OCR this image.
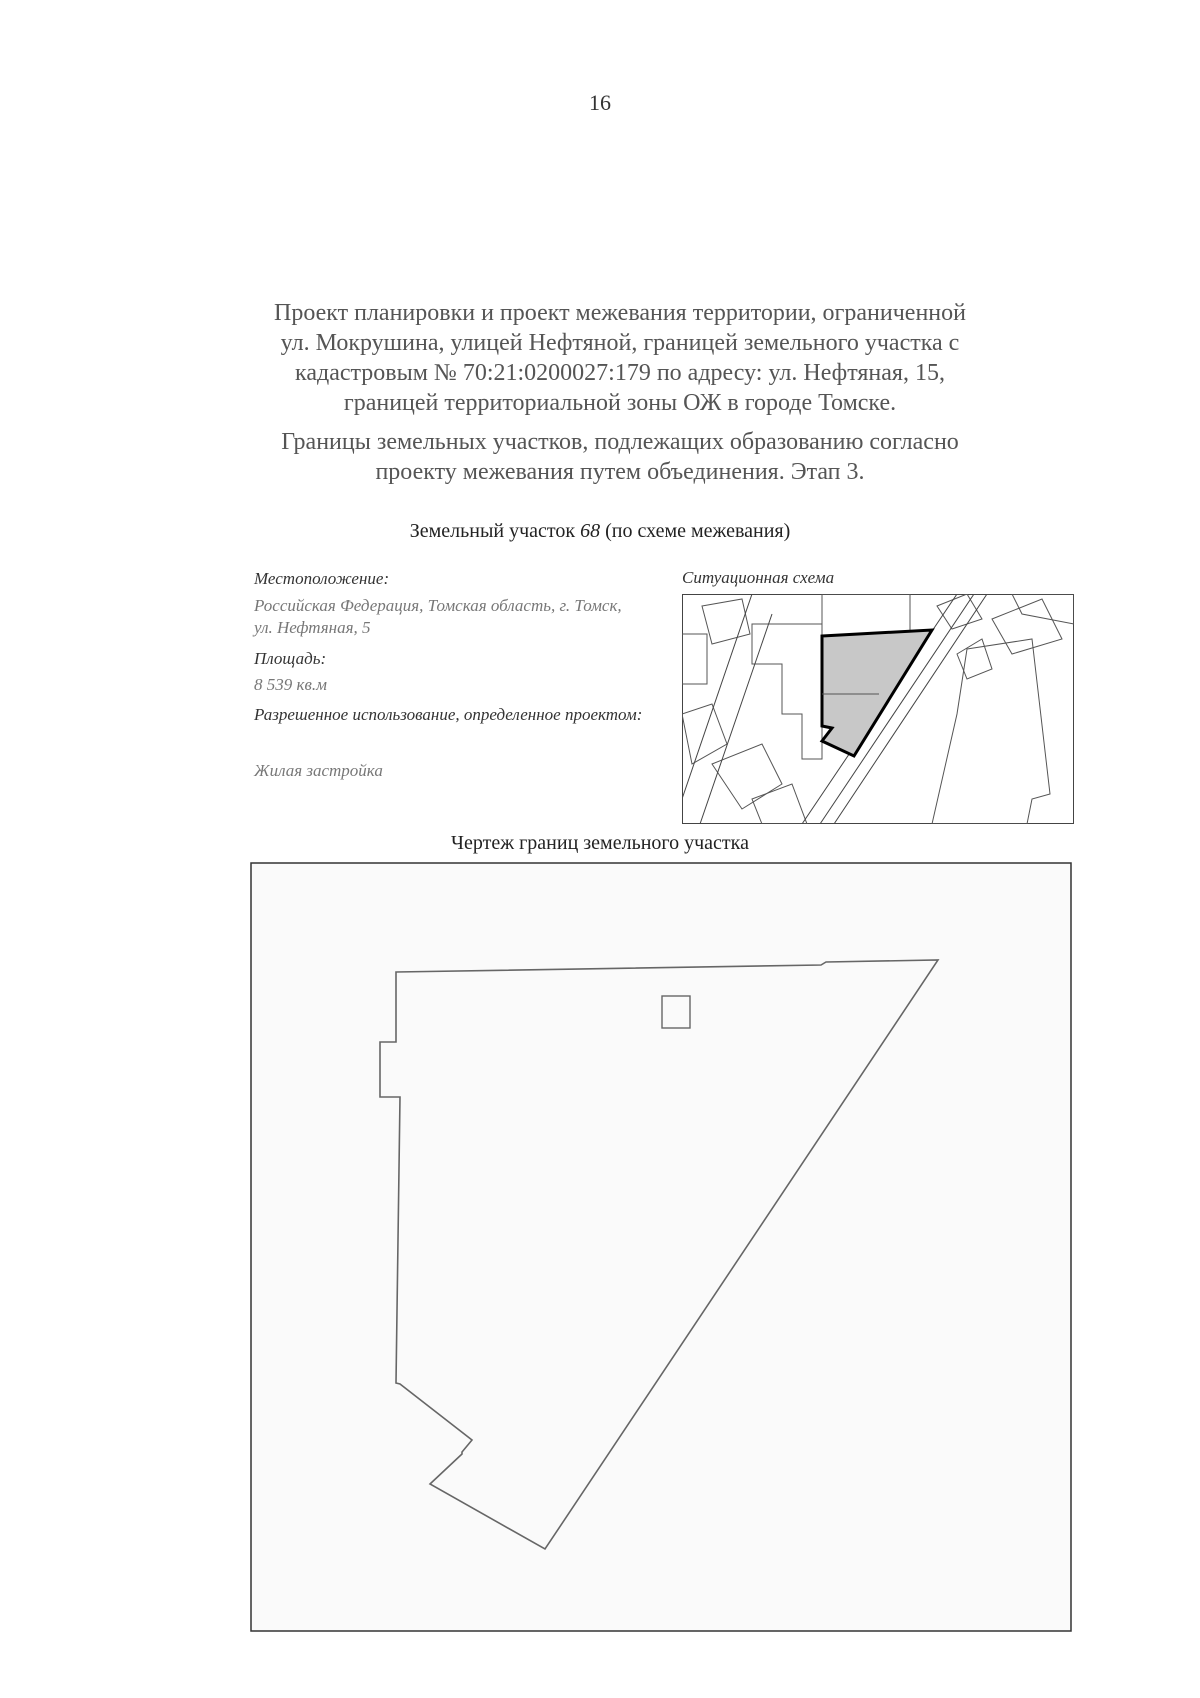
16
Проект планировки и проект межевания территории, ограниченной
ул. Мокрушина, улицей Нефтяной, границей земельного участка с
кадастровым № 70:21:0200027:179 по адресу: ул. Нефтяная, 15,
границей территориальной зоны ОЖ в городе Томске.
Границы земельных участков, подлежащих образованию согласно
проекту межевания путем объединения. Этап 3.
Земельный участок 68 (по схеме межевания)
Местоположение:
Российская Федерация, Томская область, г. Томск, ул. Нефтяная, 5
Площадь:
8 539 кв.м
Разрешенное использование, определенное проектом:
Жилая застройка
Ситуационная схема
Чертеж границ земельного участка
